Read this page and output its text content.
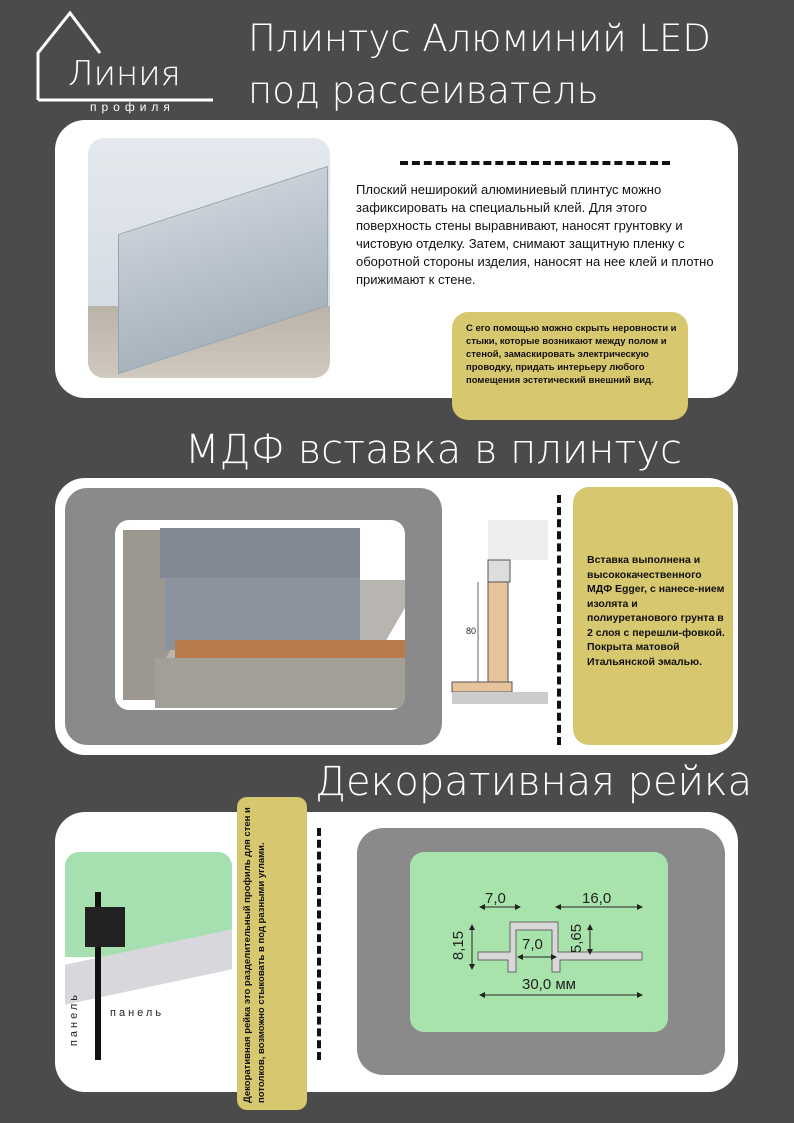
Линия
профиля
Плинтус Алюминий LED
под рассеиватель
Плоский неширокий алюминиевый плинтус можно зафиксировать на специальный клей. Для этого поверхность стены выравнивают, наносят грунтовку и чистовую отделку. Затем, снимают защитную пленку с оборотной стороны изделия, наносят на нее клей и плотно прижимают к стене.
С его помощью можно скрыть неровности и стыки, которые возникают между полом и стеной, замаскировать электрическую проводку, придать интерьеру любого помещения эстетический внешний вид.
МДФ вставка в плинтус
80
Вставка выполнена и высококачественного МДФ Egger, с нанесе-нием изолята и полиуретанового грунта в 2 слоя с перешли-фовкой. Покрыта матовой Итальянской эмалью.
Декоративная рейка
панель	панель	Декоративная рейка это разделительный профиль для стен и потолков, возможно стыковать в под разными углами.	7,0	16,0
8,15	7,0 5,65
30,0 мм
